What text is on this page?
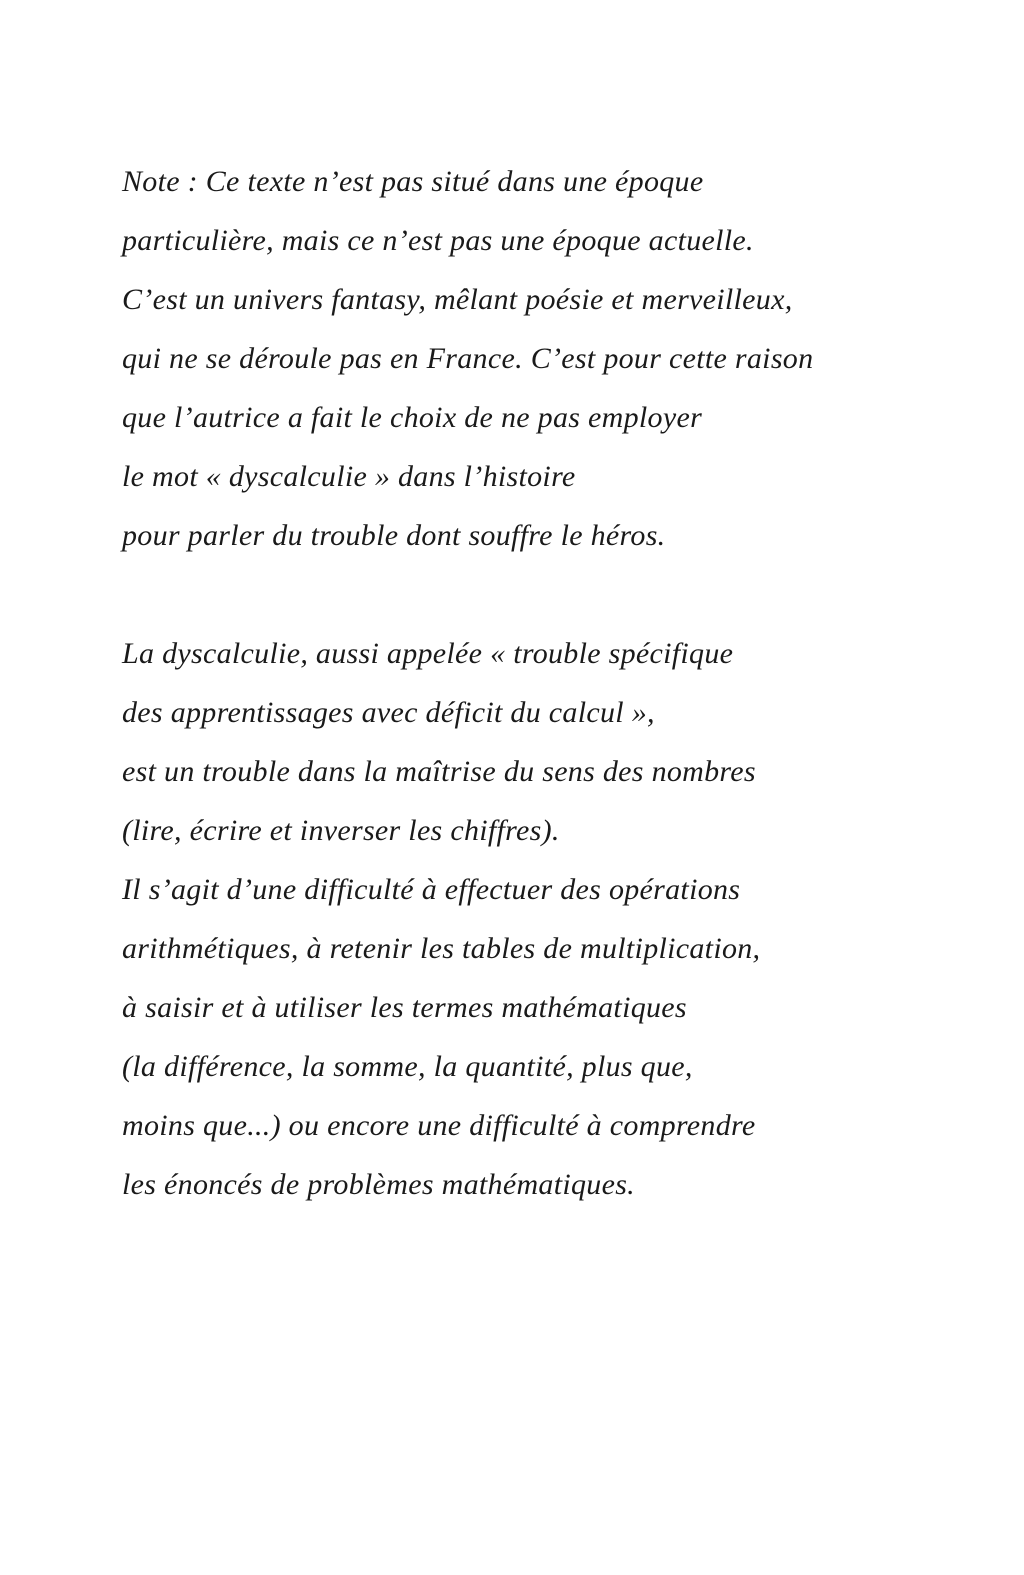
Note : Ce texte n’est pas situé dans une époque
particulière, mais ce n’est pas une époque actuelle.
C’est un univers fantasy, mêlant poésie et merveilleux,
qui ne se déroule pas en France. C’est pour cette raison
que l’autrice a fait le choix de ne pas employer
le mot « dyscalculie » dans l’histoire
pour parler du trouble dont souffre le héros.
La dyscalculie, aussi appelée « trouble spécifique
des apprentissages avec déficit du calcul »,
est un trouble dans la maîtrise du sens des nombres
(lire, écrire et inverser les chiffres).
Il s’agit d’une difficulté à effectuer des opérations
arithmétiques, à retenir les tables de multiplication,
à saisir et à utiliser les termes mathématiques
(la différence, la somme, la quantité, plus que,
moins que...) ou encore une difficulté à comprendre
les énoncés de problèmes mathématiques.
